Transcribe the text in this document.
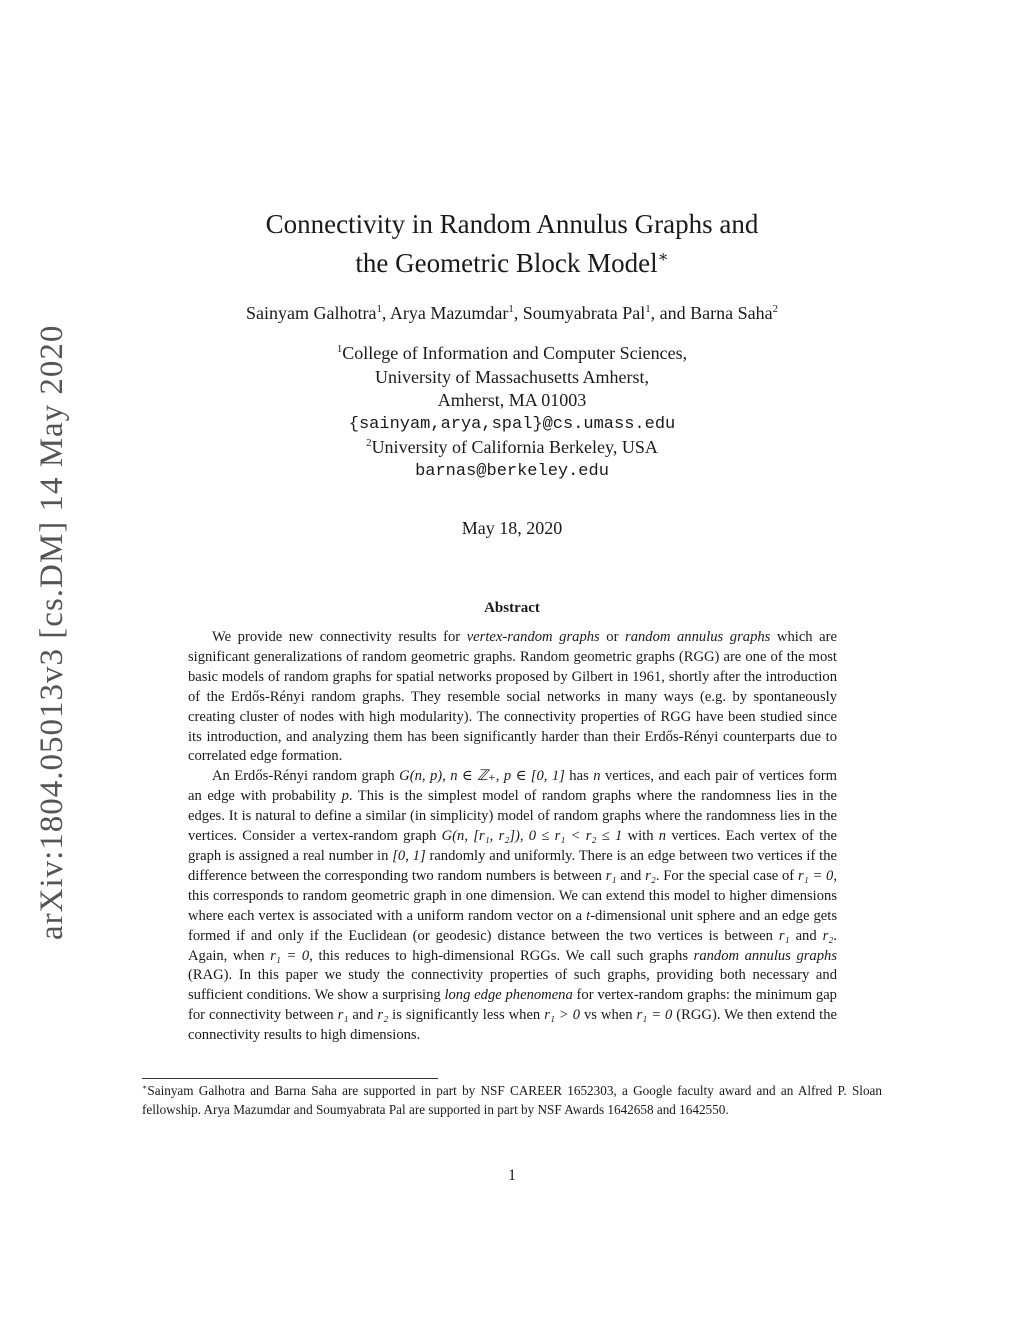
arXiv:1804.05013v3 [cs.DM] 14 May 2020
Connectivity in Random Annulus Graphs and
the Geometric Block Model∗
Sainyam Galhotra$^1$, Arya Mazumdar$^1$, Soumyabrata Pal$^1$, and Barna Saha$^2$
$^1$College of Information and Computer Sciences,
University of Massachusetts Amherst,
Amherst, MA 01003
{sainyam,arya,spal}@cs.umass.edu
$^2$University of California Berkeley, USA
barnas@berkeley.edu
May 18, 2020
Abstract

We provide new connectivity results for vertex-random graphs or random annulus graphs which are significant generalizations of random geometric graphs. Random geometric graphs (RGG) are one of the most basic models of random graphs for spatial networks proposed by Gilbert in 1961, shortly after the introduction of the Erdős-Rényi random graphs. They resemble social networks in many ways (e.g. by spontaneously creating cluster of nodes with high modularity). The connectivity properties of RGG have been studied since its introduction, and analyzing them has been significantly harder than their Erdős-Rényi counterparts due to correlated edge formation.

An Erdős-Rényi random graph G(n, p), n ∈ ℤ₊, p ∈ [0, 1] has n vertices, and each pair of vertices form an edge with probability p. This is the simplest model of random graphs where the randomness lies in the edges. It is natural to define a similar (in simplicity) model of random graphs where the randomness lies in the vertices. Consider a vertex-random graph G(n, [r₁, r₂]), 0 ≤ r₁ < r₂ ≤ 1 with n vertices. Each vertex of the graph is assigned a real number in [0, 1] randomly and uniformly. There is an edge between two vertices if the difference between the corresponding two random numbers is between r₁ and r₂. For the special case of r₁ = 0, this corresponds to random geometric graph in one dimension. We can extend this model to higher dimensions where each vertex is associated with a uniform random vector on a t-dimensional unit sphere and an edge gets formed if and only if the Euclidean (or geodesic) distance between the two vertices is between r₁ and r₂. Again, when r₁ = 0, this reduces to high-dimensional RGGs. We call such graphs random annulus graphs (RAG). In this paper we study the connectivity properties of such graphs, providing both necessary and sufficient conditions. We show a surprising long edge phenomena for vertex-random graphs: the minimum gap for connectivity between r₁ and r₂ is significantly less when r₁ > 0 vs when r₁ = 0 (RGG). We then extend the connectivity results to high dimensions.

∗Sainyam Galhotra and Barna Saha are supported in part by NSF CAREER 1652303, a Google faculty award and an Alfred P. Sloan fellowship. Arya Mazumdar and Soumyabrata Pal are supported in part by NSF Awards 1642658 and 1642550.
1
